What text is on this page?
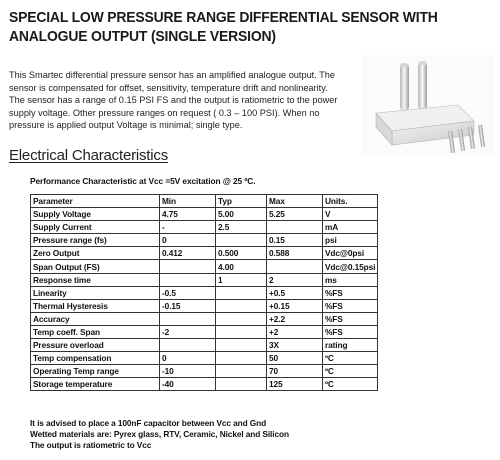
SPECIAL LOW PRESSURE RANGE DIFFERENTIAL SENSOR WITH
ANALOGUE OUTPUT (SINGLE VERSION)
This Smartec differential pressure sensor has an amplified analogue output. The
sensor is compensated for offset, sensitivity, temperature drift and nonlinearity.
The sensor has a range of 0.15 PSI FS and the output is ratiometric to the power
supply voltage. Other pressure ranges on request ( 0.3 – 100 PSI). When no
pressure is applied output Voltage is minimal; single type.
Electrical Characteristics
Performance Characteristic at Vcc =5V excitation @ 25 ºC.
Parameter	Min	Typ	Max	Units.
Supply Voltage	4.75	5.00	5.25	V
Supply Current	-	2.5		mA
Pressure range (fs)	0		0.15	psi
Zero Output	0.412	0.500	0.588	Vdc@0psi
Span Output (FS)		4.00		Vdc@0.15psi
Response time		1	2	ms
Linearity	-0.5		+0.5	%FS
Thermal Hysteresis	-0.15		+0.15	%FS
Accuracy			+2.2	%FS
Temp coeff. Span	-2		+2	%FS
Pressure overload			3X	rating
Temp compensation	0		50	ºC
Operating Temp range	-10		70	ºC
Storage temperature	-40		125	ºC
It is advised to place a 100nF capacitor between Vcc and Gnd
Wetted materials are: Pyrex glass, RTV, Ceramic, Nickel and Silicon
The output is ratiometric to Vcc
